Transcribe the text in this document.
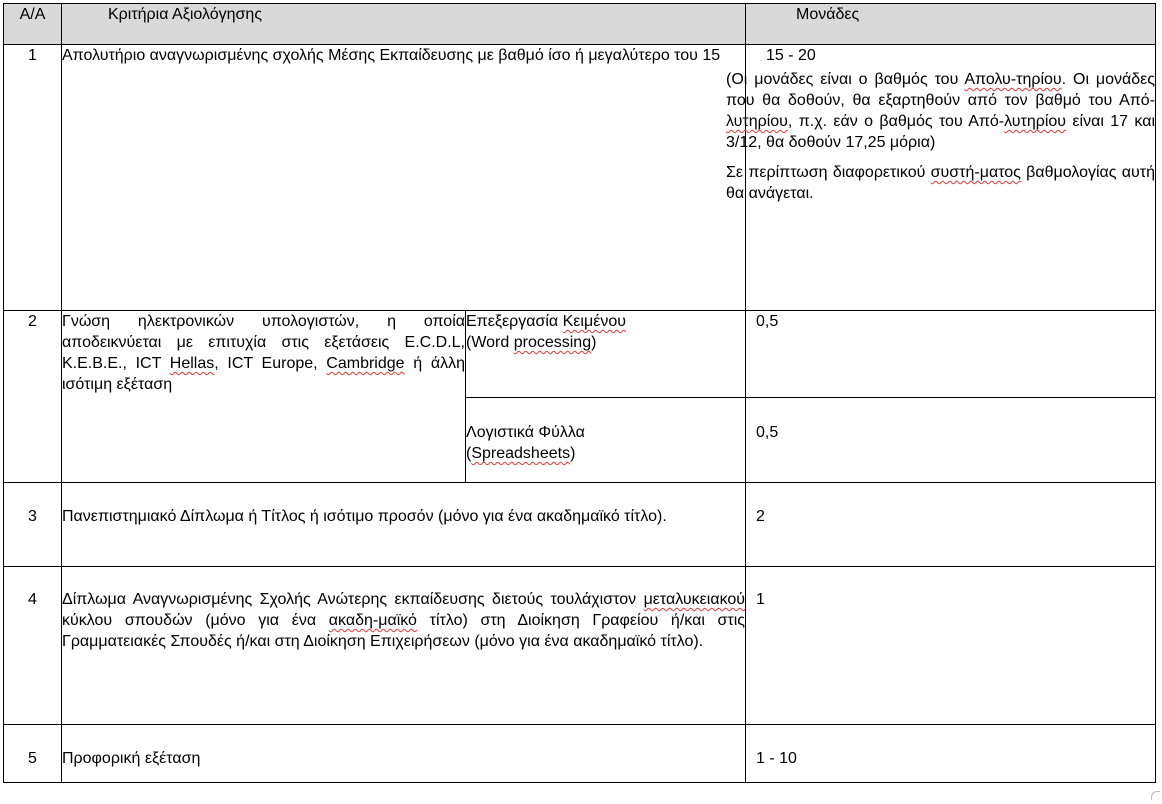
Α/Α	Κριτήρια Αξιολόγησης		Μονάδες
1	Απολυτήριο αναγνωρισμένης σχολής Μέσης Εκπαίδευσης με βαθμό ίσο ή μεγαλύτερο του 15		15 - 20
(Οι μονάδες είναι ο βαθμός του Απολυ-τηρίου. Οι μονάδες που θα δοθούν, θα εξαρτηθούν από τον βαθμό του Από-λυτηρίου, π.χ. εάν ο βαθμός του Από-λυτηρίου είναι 17 και 3/12, θα δοθούν 17,25 μόρια)
Σε περίπτωση διαφορετικού συστή-ματος βαθμολογίας αυτή θα ανάγεται.

2	Γνώση ηλεκτρονικών υπολογιστών, η οποία αποδεικνύεται με επιτυχία στις εξετάσεις E.C.D.L, K.E.B.E., ICT Hellas, ICT Europe, Cambridge ή άλλη ισότιμη εξέταση	Επεξεργασία Κειμένου
(Word processing)	0,5

		Λογιστικά Φύλλα
(Spreadsheets)	0,5

3	Πανεπιστημιακό Δίπλωμα ή Τίτλος ή ισότιμο προσόν (μόνο για ένα ακαδημαϊκό τίτλο).		2

4	Δίπλωμα Αναγνωρισμένης Σχολής Ανώτερης εκπαίδευσης διετούς τουλάχιστον μεταλυκειακού κύκλου σπουδών (μόνο για ένα ακαδη-μαϊκό τίτλο) στη Διοίκηση Γραφείου ή/και στις Γραμματειακές Σπουδές ή/και στη Διοίκηση Επιχειρήσεων (μόνο για ένα ακαδημαϊκό τίτλο).		1

5	Προφορική εξέταση		1 - 10
